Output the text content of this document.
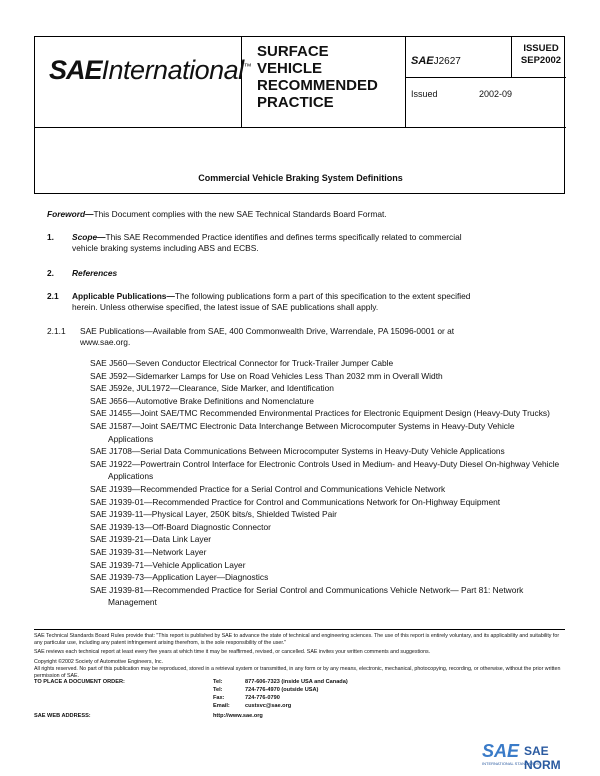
SAEInternational™
SURFACE
VEHICLE
RECOMMENDED
PRACTICE
SAEJ2627
ISSUED
SEP2002
Issued	2002-09
Commercial Vehicle Braking System Definitions
Foreword—This Document complies with the new SAE Technical Standards Board Format.
1. Scope—This SAE Recommended Practice identifies and defines terms specifically related to commercial
vehicle braking systems including ABS and ECBS.
2. References
2.1 Applicable Publications—The following publications form a part of this specification to the extent specified
herein. Unless otherwise specified, the latest issue of SAE publications shall apply.
2.1.1 SAE Publications—Available from SAE, 400 Commonwealth Drive, Warrendale, PA 15096-0001 or at
www.sae.org.
SAE J560—Seven Conductor Electrical Connector for Truck-Trailer Jumper Cable
SAE J592—Sidemarker Lamps for Use on Road Vehicles Less Than 2032 mm in Overall Width
SAE J592e, JUL1972—Clearance, Side Marker, and Identification
SAE J656—Automotive Brake Definitions and Nomenclature
SAE J1455—Joint SAE/TMC Recommended Environmental Practices for Electronic Equipment Design (Heavy-Duty Trucks)
SAE J1587—Joint SAE/TMC Electronic Data Interchange Between Microcomputer Systems in Heavy-Duty Vehicle Applications
SAE J1708—Serial Data Communications Between Microcomputer Systems in Heavy-Duty Vehicle Applications
SAE J1922—Powertrain Control Interface for Electronic Controls Used in Medium- and Heavy-Duty Diesel On-highway Vehicle Applications
SAE J1939—Recommended Practice for a Serial Control and Communications Vehicle Network
SAE J1939-01—Recommended Practice for Control and Communications Network for On-Highway Equipment
SAE J1939-11—Physical Layer, 250K bits/s, Shielded Twisted Pair
SAE J1939-13—Off-Board Diagnostic Connector
SAE J1939-21—Data Link Layer
SAE J1939-31—Network Layer
SAE J1939-71—Vehicle Application Layer
SAE J1939-73—Application Layer—Diagnostics
SAE J1939-81—Recommended Practice for Serial Control and Communications Vehicle Network— Part 81: Network Management
SAE Technical Standards Board Rules provide that: "This report is published by SAE to advance the state of technical and engineering sciences. The use of this report is entirely voluntary, and its applicability and suitability for any particular use, including any patent infringement arising therefrom, is the sole responsibility of the user."
SAE reviews each technical report at least every five years at which time it may be reaffirmed, revised, or cancelled. SAE invites your written comments and suggestions.
Copyright ©2002 Society of Automotive Engineers, Inc.
All rights reserved. No part of this publication may be reproduced, stored in a retrieval system or transmitted, in any form or by any means, electronic, mechanical, photocopying, recording, or otherwise, without the prior written permission of SAE.
TO PLACE A DOCUMENT ORDER:	Tel:	877-606-7323 (inside USA and Canada)
Tel:	724-776-4970 (outside USA)
Fax:	724-776-0790
Email:	custsvc@sae.org
SAE WEB ADDRESS:	http://www.sae.org
SAE SAE NORM
INTERNATIONAL STANDARDS
